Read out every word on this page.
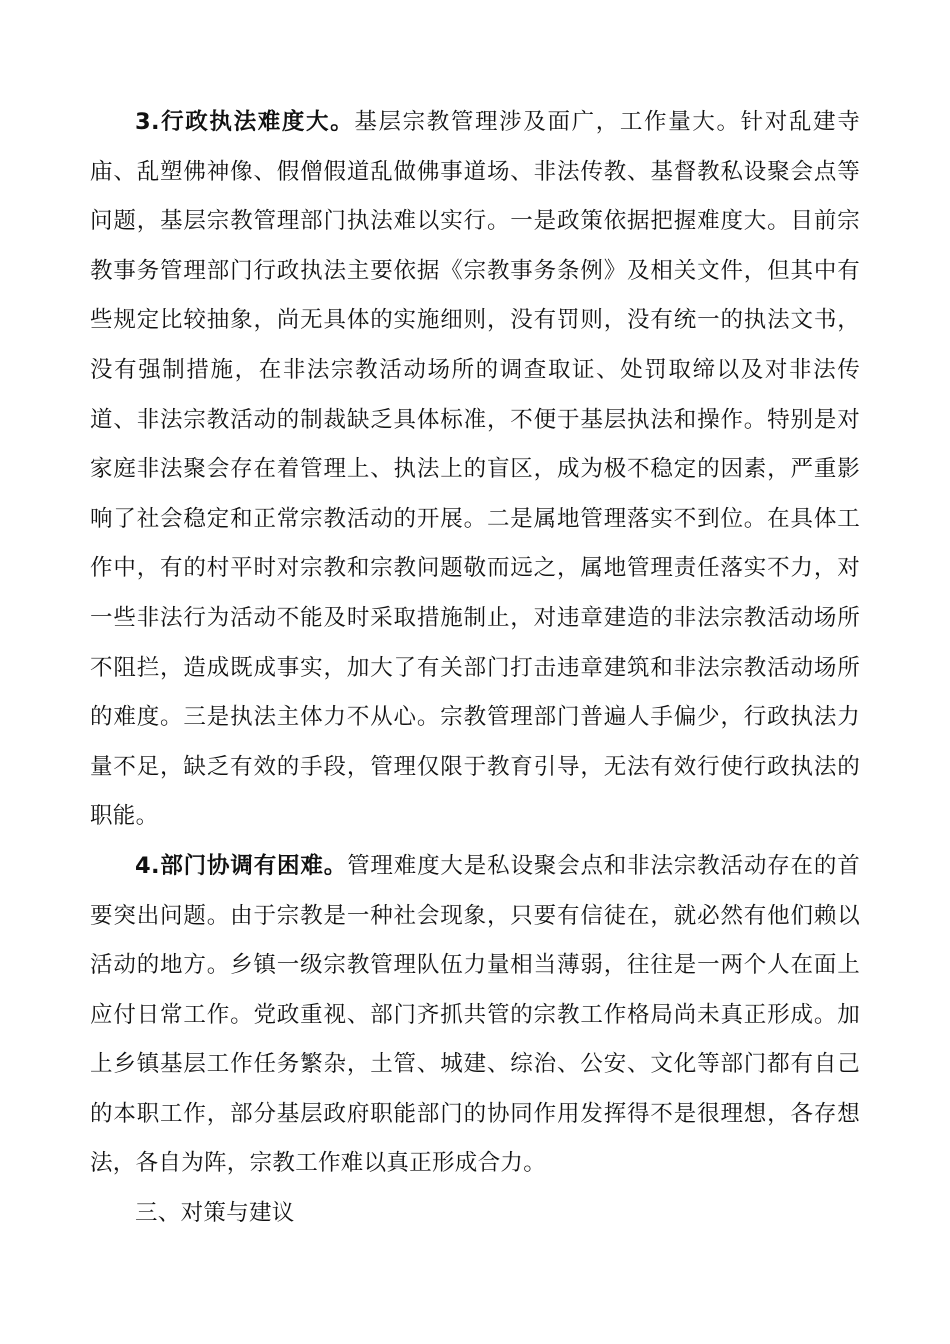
3.行政执法难度大。基层宗教管理涉及面广，工作量大。针对乱建寺庙、乱塑佛神像、假僧假道乱做佛事道场、非法传教、基督教私设聚会点等问题，基层宗教管理部门执法难以实行。一是政策依据把握难度大。目前宗教事务管理部门行政执法主要依据《宗教事务条例》及相关文件，但其中有些规定比较抽象，尚无具体的实施细则，没有罚则，没有统一的执法文书，没有强制措施，在非法宗教活动场所的调查取证、处罚取缔以及对非法传道、非法宗教活动的制裁缺乏具体标准，不便于基层执法和操作。特别是对家庭非法聚会存在着管理上、执法上的盲区，成为极不稳定的因素，严重影响了社会稳定和正常宗教活动的开展。二是属地管理落实不到位。在具体工作中，有的村平时对宗教和宗教问题敬而远之，属地管理责任落实不力，对一些非法行为活动不能及时采取措施制止，对违章建造的非法宗教活动场所不阻拦，造成既成事实，加大了有关部门打击违章建筑和非法宗教活动场所的难度。三是执法主体力不从心。宗教管理部门普遍人手偏少，行政执法力量不足，缺乏有效的手段，管理仅限于教育引导，无法有效行使行政执法的职能。

4.部门协调有困难。管理难度大是私设聚会点和非法宗教活动存在的首要突出问题。由于宗教是一种社会现象，只要有信徒在，就必然有他们赖以活动的地方。乡镇一级宗教管理队伍力量相当薄弱，往往是一两个人在面上应付日常工作。党政重视、部门齐抓共管的宗教工作格局尚未真正形成。加上乡镇基层工作任务繁杂，土管、城建、综治、公安、文化等部门都有自己的本职工作，部分基层政府职能部门的协同作用发挥得不是很理想，各存想法，各自为阵，宗教工作难以真正形成合力。

三、对策与建议
